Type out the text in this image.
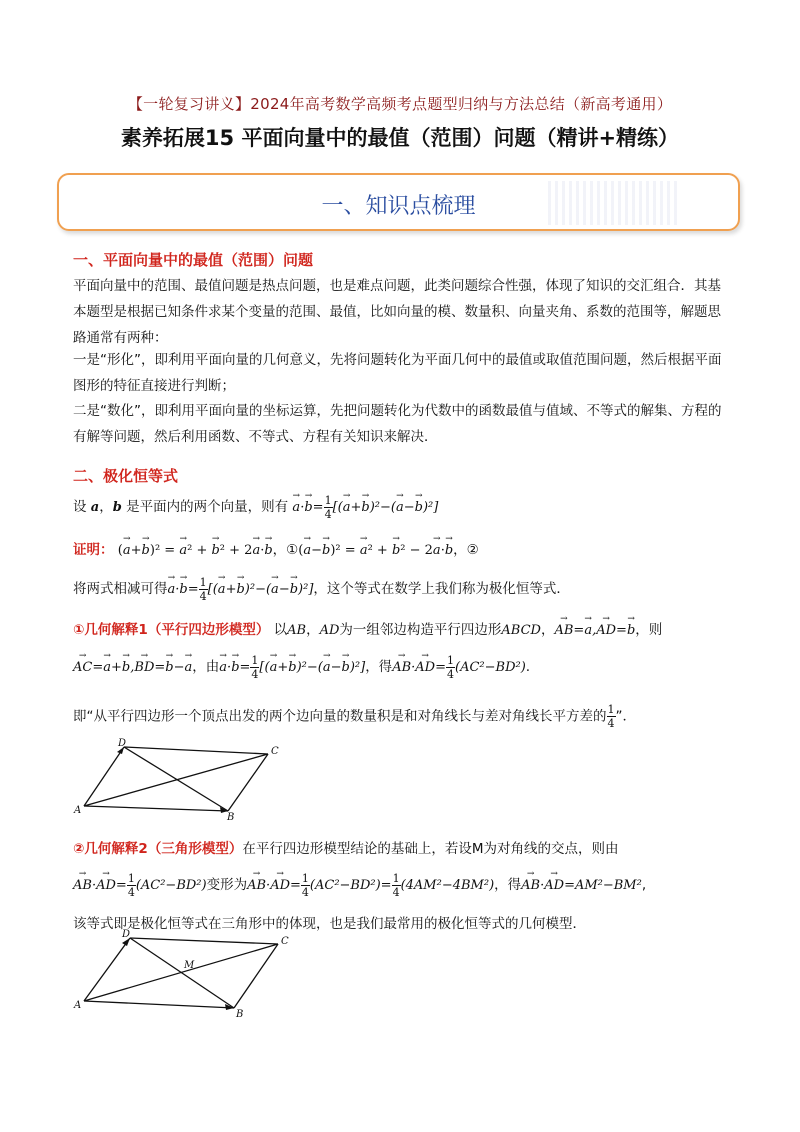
【一轮复习讲义】2024年高考数学高频考点题型归纳与方法总结（新高考通用）
素养拓展15 平面向量中的最值（范围）问题（精讲+精练）
一、知识点梳理
一、平面向量中的最值（范围）问题
平面向量中的范围、最值问题是热点问题，也是难点问题，此类问题综合性强，体现了知识的交汇组合．其基本题型是根据已知条件求某个变量的范围、最值，比如向量的模、数量积、向量夹角、系数的范围等，解题思路通常有两种：
一是“形化”，即利用平面向量的几何意义，先将问题转化为平面几何中的最值或取值范围问题，然后根据平面图形的特征直接进行判断；
二是“数化”，即利用平面向量的坐标运算，先把问题转化为代数中的函数最值与值域、不等式的解集、方程的有解等问题，然后利用函数、不等式、方程有关知识来解决．
二、极化恒等式
设 a，b 是平面内的两个向量，则有 → $a\cdot\to b= \frac{1}{4}$ [(→ a+→ b)²−(→ a−→ b)²]
证明： (→ a+→ b)² = → a² + → b² + 2→ a·→ b，①(→ a−→ b)² = → a² + → b² − 2→ a·→ b，②
将两式相减可得→ $a\cdot\to b= \frac{1}{4}$ [(→ a+→ b)²−(→ a−→ b)²]，这个等式在数学上我们称为极化恒等式．
①几何解释1（平行四边形模型） 以AB，AD为一组邻边构造平行四边形ABCD，→ AB=→ a,→ AD=→ b，则
→ AC=→ a+→ b,→ BD=→ b−→ a，由→ $a\cdot\to b= \frac{1}{4}$ [(→ a+→ b)²−(→ a−→ b)²]，得→ $AB\cdot\to AD= \frac{1}{4} (AC^2-BD^2)$.
即“从平行四边形一个顶点出发的两个边向量的数量积是和对角线长与差对角线长平方差的 $\frac{1}{4}$ ”．
D
C
A
B
②几何解释2（三角形模型）在平行四边形模型结论的基础上，若设M为对角线的交点，则由
→ $AB\cdot\to AD= \frac{1}{4} (AC^2-BD^2)$变形为→ $AB\cdot\to AD= \frac{1}{4} (AC^2-BD^2)= \frac{1}{4} (4AM^2-4BM^2)$，得→ AB·→ AD=AM²−BM²,
该等式即是极化恒等式在三角形中的体现，也是我们最常用的极化恒等式的几何模型．
D
C
M
A
B
